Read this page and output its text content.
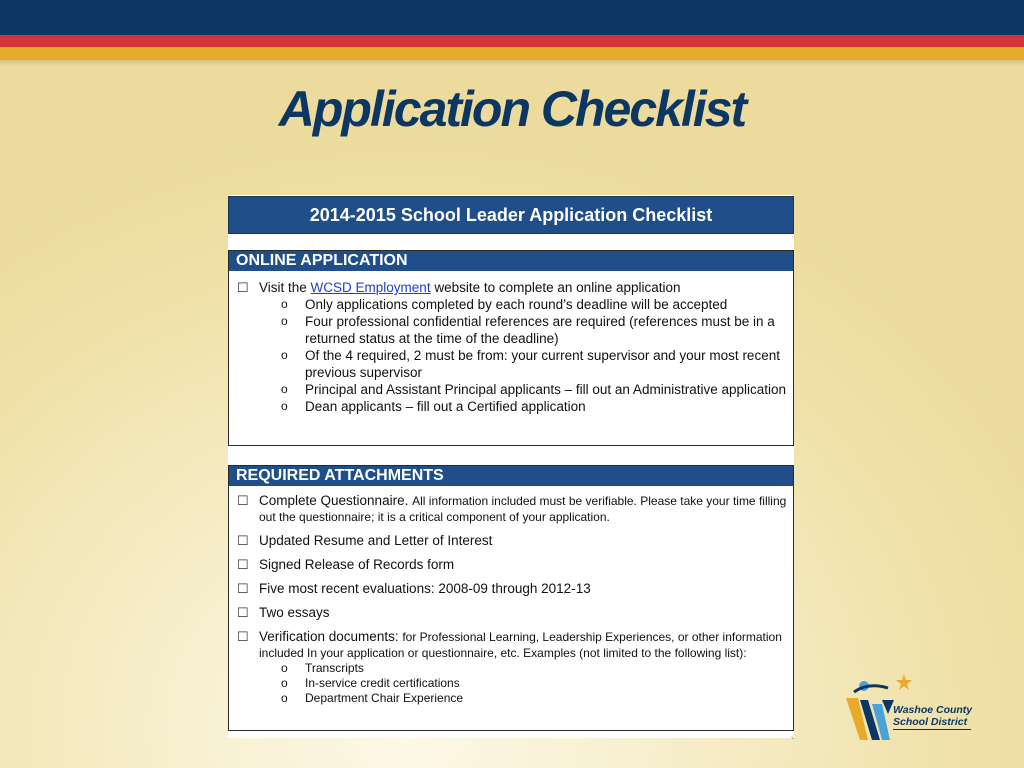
Application Checklist
2014-2015 School Leader Application Checklist
ONLINE APPLICATION
☐ Visit the WCSD Employment website to complete an online application
o Only applications completed by each round’s deadline will be accepted
o Four professional confidential references are required (references must be in a returned status at the time of the deadline)
o Of the 4 required, 2 must be from: your current supervisor and your most recent previous supervisor
o Principal and Assistant Principal applicants – fill out an Administrative application
o Dean applicants – fill out a Certified application
REQUIRED ATTACHMENTS
☐ Complete Questionnaire. All information included must be verifiable. Please take your time filling out the questionnaire; it is a critical component of your application.
☐ Updated Resume and Letter of Interest
☐ Signed Release of Records form
☐ Five most recent evaluations: 2008-09 through 2012-13
☐ Two essays
☐ Verification documents: for Professional Learning, Leadership Experiences, or other information included In your application or questionnaire, etc. Examples (not limited to the following list):
o Transcripts
o In-service credit certifications
o Department Chair Experience
⌞
Washoe County
School District
